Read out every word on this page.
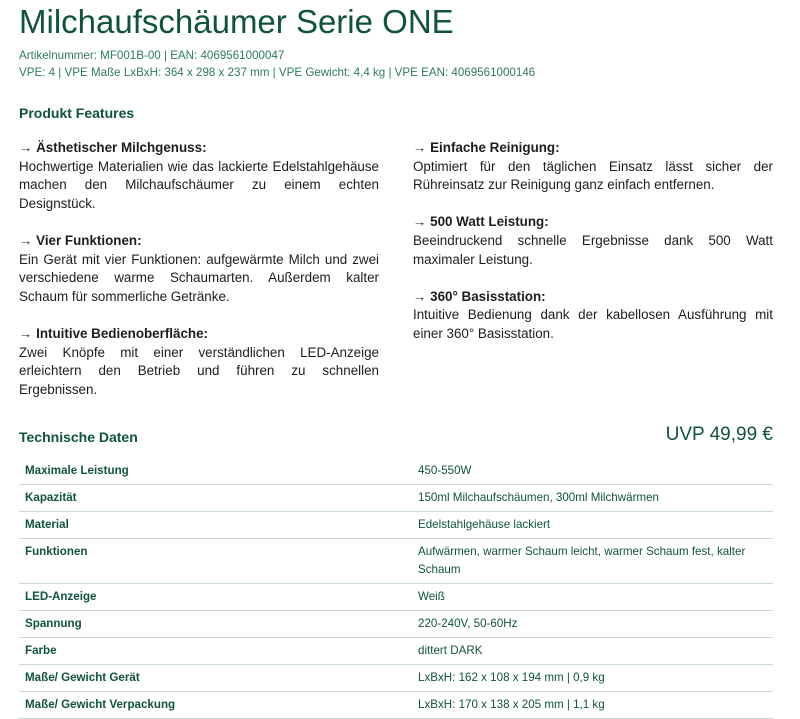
Milchaufschäumer Serie ONE
Artikelnummer: MF001B-00 | EAN: 4069561000047
VPE: 4 | VPE Maße LxBxH: 364 x 298 x 237 mm | VPE Gewicht: 4,4 kg | VPE EAN: 4069561000146
Produkt Features
→ Ästhetischer Milchgenuss:
Hochwertige Materialien wie das lackierte Edelstahlgehäuse machen den Milchaufschäumer zu einem echten Designstück.
→ Vier Funktionen:
Ein Gerät mit vier Funktionen: aufgewärmte Milch und zwei verschiedene warme Schaumarten. Außerdem kalter Schaum für sommerliche Getränke.
→ Intuitive Bedienoberfläche:
Zwei Knöpfe mit einer verständlichen LED-Anzeige erleichtern den Betrieb und führen zu schnellen Ergebnissen.
→ Einfache Reinigung:
Optimiert für den täglichen Einsatz lässt sicher der Rühreinsatz zur Reinigung ganz einfach entfernen.
→ 500 Watt Leistung:
Beeindruckend schnelle Ergebnisse dank 500 Watt maximaler Leistung.
→ 360° Basisstation:
Intuitive Bedienung dank der kabellosen Ausführung mit einer 360° Basisstation.
Technische Daten	UVP 49,99 €
Maximale Leistung	450-550W
Kapazität	150ml Milchaufschäumen, 300ml Milchwärmen
Material	Edelstahlgehäuse lackiert
Funktionen	Aufwärmen, warmer Schaum leicht, warmer Schaum fest, kalter Schaum
LED-Anzeige	Weiß
Spannung	220-240V, 50-60Hz
Farbe	dittert DARK
Maße/ Gewicht Gerät	LxBxH: 162 x 108 x 194 mm | 0,9 kg
Maße/ Gewicht Verpackung	LxBxH: 170 x 138 x 205 mm | 1,1 kg
